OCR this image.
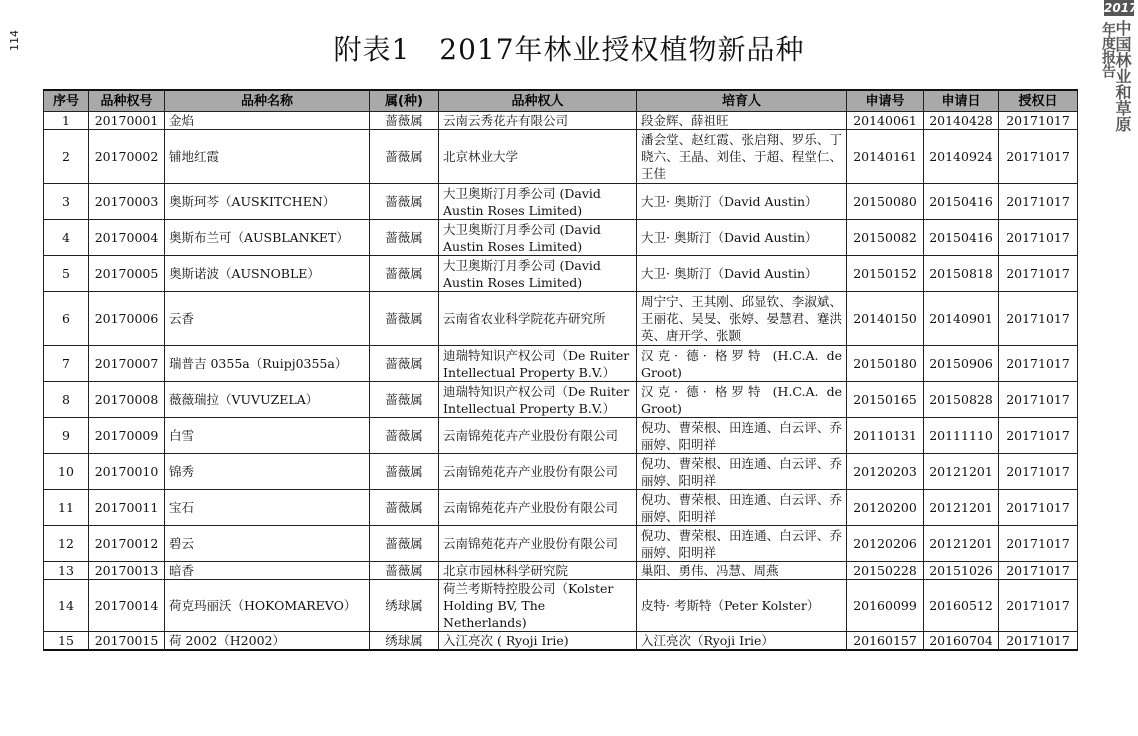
114	附表1　2017年林业授权植物新品种
2017
中国林业和草原
年度报告
序号	品种权号	品种名称	属(种)	品种权人	培育人	申请号	申请日	授权日
1	20170001	金焰	蔷薇属	云南云秀花卉有限公司	段金辉、薛祖旺	20140061	20140428	20171017
2	20170002	铺地红霞	蔷薇属	北京林业大学	潘会堂、赵红霞、张启翔、罗乐、丁晓六、王晶、刘佳、于超、程堂仁、王佳	20140161	20140924	20171017
3	20170003	奥斯珂芩（AUSKITCHEN）	蔷薇属	大卫奥斯汀月季公司 (David Austin Roses Limited)	大卫· 奥斯汀（David Austin）	20150080	20150416	20171017
4	20170004	奥斯布兰可（AUSBLANKET）	蔷薇属	大卫奥斯汀月季公司 (David Austin Roses Limited)	大卫· 奥斯汀（David Austin）	20150082	20150416	20171017
5	20170005	奥斯诺波（AUSNOBLE）	蔷薇属	大卫奥斯汀月季公司 (David Austin Roses Limited)	大卫· 奥斯汀（David Austin）	20150152	20150818	20171017
6	20170006	云香	蔷薇属	云南省农业科学院花卉研究所	周宁宁、王其刚、邱显钦、李淑斌、王丽花、吴旻、张婷、晏慧君、蹇洪英、唐开学、张颢	20140150	20140901	20171017
7	20170007	瑞普吉 0355a（Ruipj0355a）	蔷薇属	迪瑞特知识产权公司（De Ruiter Intellectual Property B.V.）	汉克· 德· 格罗特 (H.C.A. de Groot)	20150180	20150906	20171017
8	20170008	薇薇瑞拉（VUVUZELA）	蔷薇属	迪瑞特知识产权公司（De Ruiter Intellectual Property B.V.）	汉克· 德· 格罗特 (H.C.A. de Groot)	20150165	20150828	20171017
9	20170009	白雪	蔷薇属	云南锦苑花卉产业股份有限公司	倪功、曹荣根、田连通、白云评、乔丽婷、阳明祥	20110131	20111110	20171017
10	20170010	锦秀	蔷薇属	云南锦苑花卉产业股份有限公司	倪功、曹荣根、田连通、白云评、乔丽婷、阳明祥	20120203	20121201	20171017
11	20170011	宝石	蔷薇属	云南锦苑花卉产业股份有限公司	倪功、曹荣根、田连通、白云评、乔丽婷、阳明祥	20120200	20121201	20171017
12	20170012	碧云	蔷薇属	云南锦苑花卉产业股份有限公司	倪功、曹荣根、田连通、白云评、乔丽婷、阳明祥	20120206	20121201	20171017
13	20170013	暗香	蔷薇属	北京市园林科学研究院	巢阳、勇伟、冯慧、周燕	20150228	20151026	20171017
14	20170014	荷克玛丽沃（HOKOMAREVO）	绣球属	荷兰考斯特控股公司（Kolster Holding BV, The Netherlands)	皮特· 考斯特（Peter Kolster）	20160099	20160512	20171017
15	20170015	荷 2002（H2002）	绣球属	入江亮次 ( Ryoji Irie)	入江亮次（Ryoji Irie）	20160157	20160704	20171017
